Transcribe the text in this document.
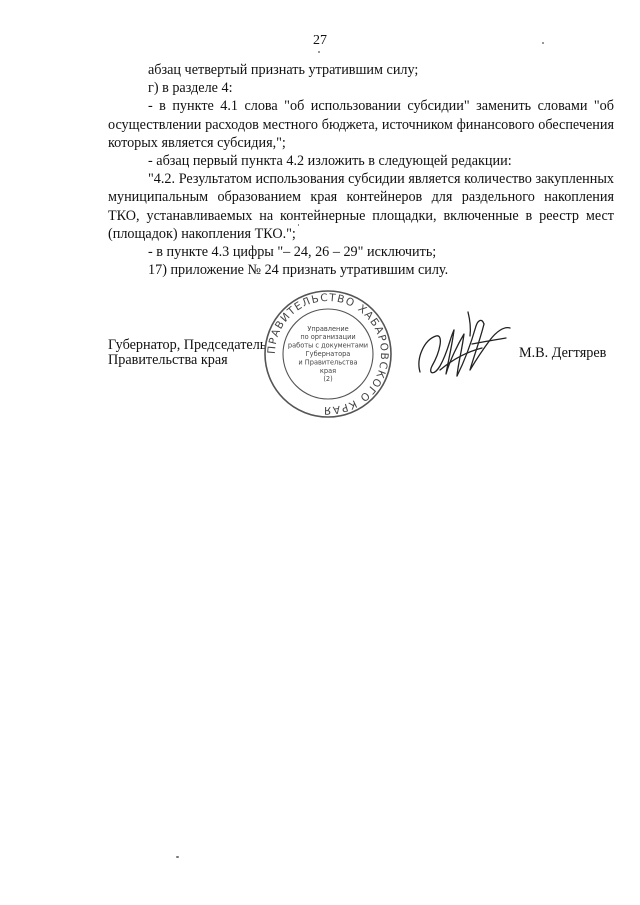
27

абзац четвертый признать утратившим силу;

г) в разделе 4:

- в пункте 4.1 слова "об использовании субсидии" заменить словами "об осуществлении расходов местного бюджета, источником финансового обеспечения которых является субсидия,";

- абзац первый пункта 4.2 изложить в следующей редакции:

"4.2. Результатом использования субсидии является количество закупленных муниципальным образованием края контейнеров для раздельного накопления ТКО, устанавливаемых на контейнерные площадки, включенные в реестр мест (площадок) накопления ТКО.";

- в пункте 4.3 цифры "– 24, 26 – 29" исключить;

17) приложение № 24 признать утратившим силу.

Губернатор, Председатель
Правительства края
ПРАВИТЕЛЬСТВО ХАБАРОВСКОГО КРАЯ
Управление
по организации
работы с документами
Губернатора
и Правительства
края
(2)
М.В. Дегтярев
